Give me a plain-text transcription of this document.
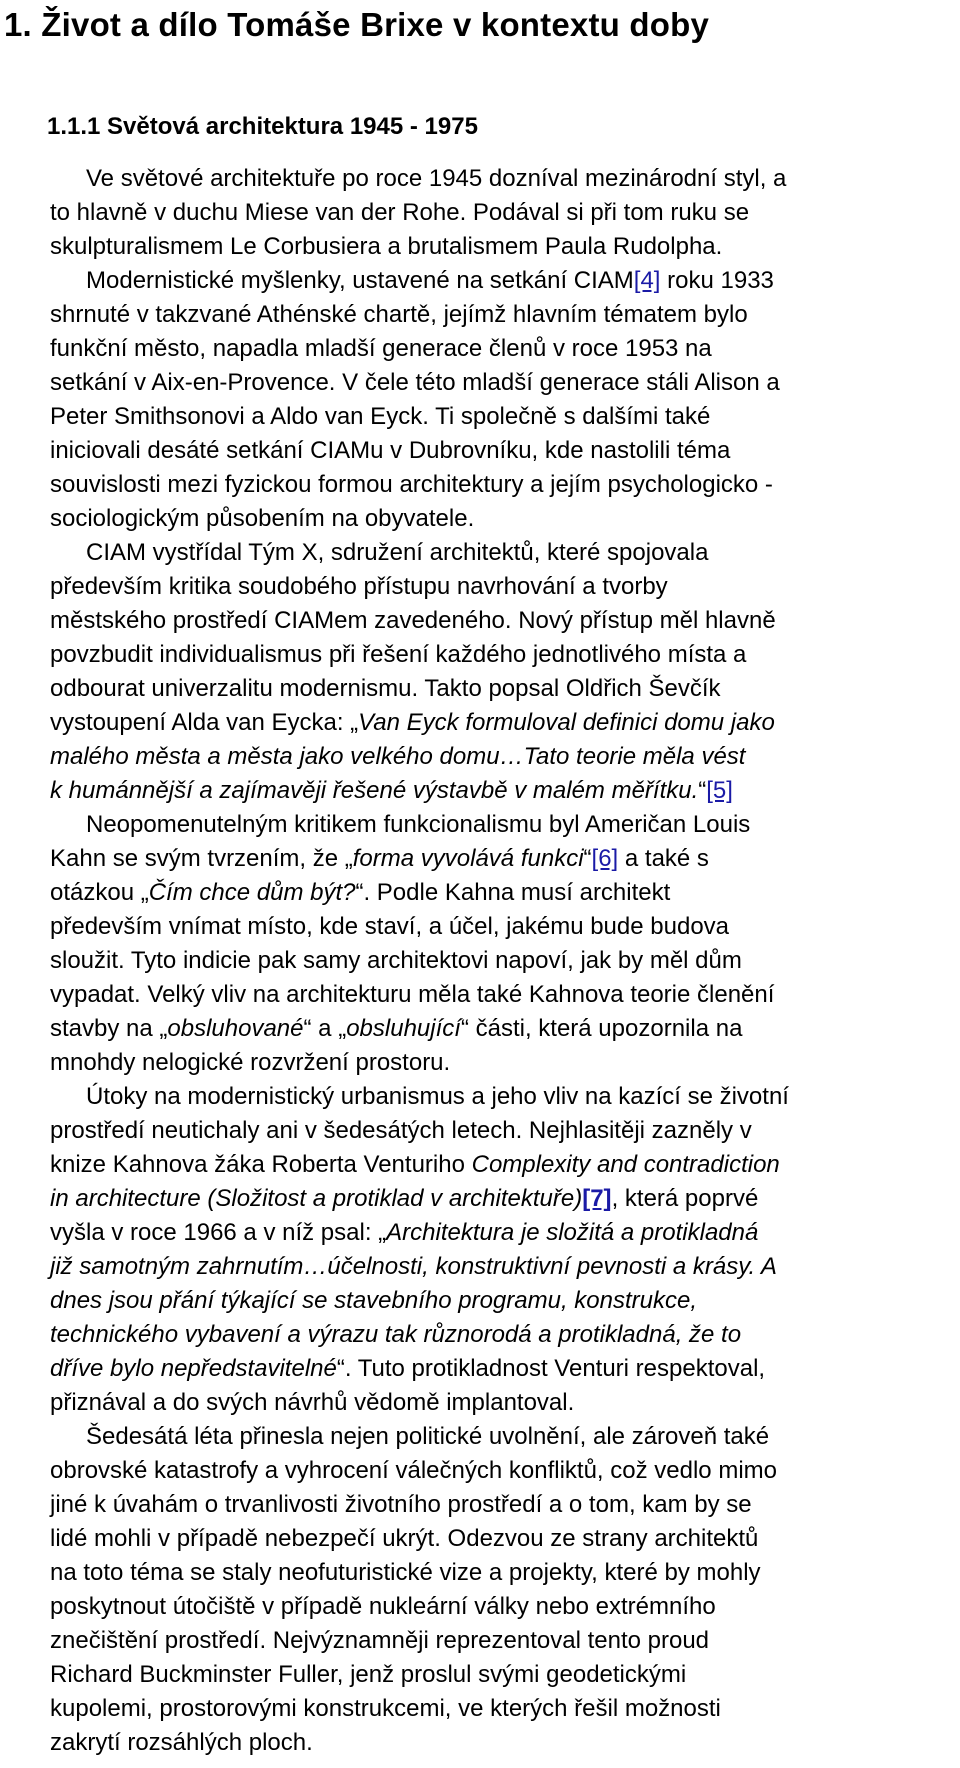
1. Život a dílo Tomáše Brixe v kontextu doby
1.1.1 Světová architektura 1945 - 1975
Ve světové architektuře po roce 1945 dozníval mezinárodní styl, a
to hlavně v duchu Miese van der Rohe. Podával si při tom ruku se
skulpturalismem Le Corbusiera a brutalismem Paula Rudolpha.
Modernistické myšlenky, ustavené na setkání CIAM[4] roku 1933
shrnuté v takzvané Athénské chartě, jejímž hlavním tématem bylo
funkční město, napadla mladší generace členů v roce 1953 na
setkání v Aix-en-Provence. V čele této mladší generace stáli Alison a
Peter Smithsonovi a Aldo van Eyck. Ti společně s dalšími také
iniciovali desáté setkání CIAMu v Dubrovníku, kde nastolili téma
souvislosti mezi fyzickou formou architektury a jejím psychologicko -
sociologickým působením na obyvatele.
CIAM vystřídal Tým X, sdružení architektů, které spojovala
především kritika soudobého přístupu navrhování a tvorby
městského prostředí CIAMem zavedeného. Nový přístup měl hlavně
povzbudit individualismus při řešení každého jednotlivého místa a
odbourat univerzalitu modernismu. Takto popsal Oldřich Ševčík
vystoupení Alda van Eycka: „Van Eyck formuloval definici domu jako
malého města a města jako velkého domu…Tato teorie měla vést
k humánnější a zajímavěji řešené výstavbě v malém měřítku.“[5]
Neopomenutelným kritikem funkcionalismu byl Američan Louis
Kahn se svým tvrzením, že „forma vyvolává funkci“[6] a také s
otázkou „Čím chce dům být?“. Podle Kahna musí architekt
především vnímat místo, kde staví, a účel, jakému bude budova
sloužit. Tyto indicie pak samy architektovi napoví, jak by měl dům
vypadat. Velký vliv na architekturu měla také Kahnova teorie členění
stavby na „obsluhované“ a „obsluhující“ části, která upozornila na
mnohdy nelogické rozvržení prostoru.
Útoky na modernistický urbanismus a jeho vliv na kazící se životní
prostředí neutichaly ani v šedesátých letech. Nejhlasitěji zazněly v
knize Kahnova žáka Roberta Venturiho Complexity and contradiction
in architecture (Složitost a protiklad v architektuře)[7], která poprvé
vyšla v roce 1966 a v níž psal: „Architektura je složitá a protikladná
již samotným zahrnutím…účelnosti, konstruktivní pevnosti a krásy. A
dnes jsou přání týkající se stavebního programu, konstrukce,
technického vybavení a výrazu tak různorodá a protikladná, že to
dříve bylo nepředstavitelné“. Tuto protikladnost Venturi respektoval,
přiznával a do svých návrhů vědomě implantoval.
Šedesátá léta přinesla nejen politické uvolnění, ale zároveň také
obrovské katastrofy a vyhrocení válečných konfliktů, což vedlo mimo
jiné k úvahám o trvanlivosti životního prostředí a o tom, kam by se
lidé mohli v případě nebezpečí ukrýt. Odezvou ze strany architektů
na toto téma se staly neofuturistické vize a projekty, které by mohly
poskytnout útočiště v případě nukleární války nebo extrémního
znečištění prostředí. Nejvýznamněji reprezentoval tento proud
Richard Buckminster Fuller, jenž proslul svými geodetickými
kupolemi, prostorovými konstrukcemi, ve kterých řešil možnosti
zakrytí rozsáhlých ploch.
